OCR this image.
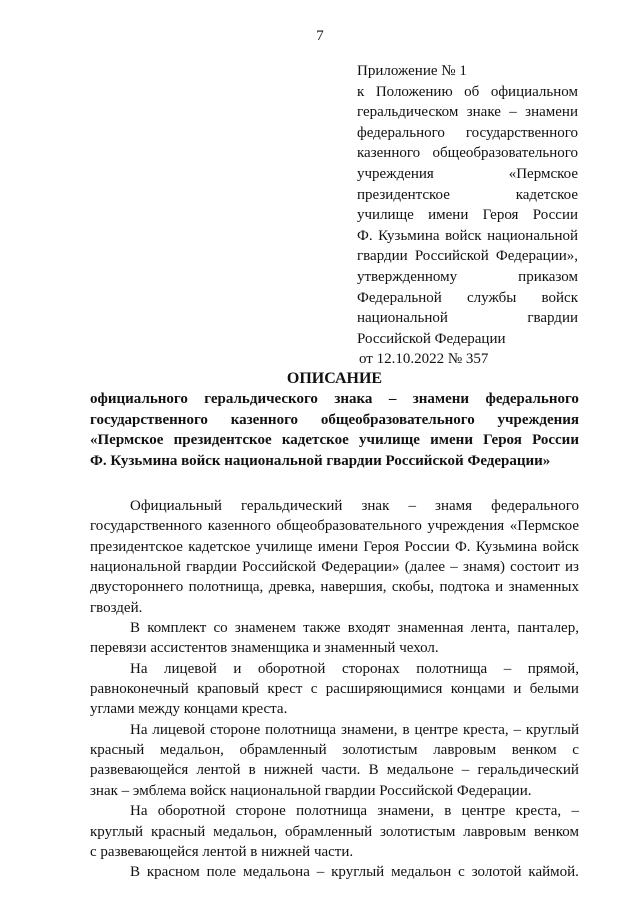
7
Приложение № 1
к Положению об официальном
геральдическом знаке – знамени
федерального государственного
казенного общеобразовательного
учреждения	«Пермское
президентское	кадетское
училище имени Героя России
Ф. Кузьмина войск национальной
гвардии Российской Федерации»,
утвержденному	приказом
Федеральной службы войск
национальной	гвардии
Российской Федерации
от 12.10.2022 № 357
ОПИСАНИЕ
официального геральдического знака – знамени федерального
государственного казенного общеобразовательного учреждения
«Пермское президентское кадетское училище имени Героя России
Ф. Кузьмина войск национальной гвардии Российской Федерации»
Официальный геральдический знак – знамя федерального
государственного казенного общеобразовательного учреждения «Пермское
президентское кадетское училище имени Героя России Ф. Кузьмина войск
национальной гвардии Российской Федерации» (далее – знамя) состоит из
двустороннего полотнища, древка, навершия, скобы, подтока и знаменных
гвоздей.
В комплект со знаменем также входят знаменная лента, панталер,
перевязи ассистентов знаменщика и знаменный чехол.
На лицевой и оборотной сторонах полотнища – прямой,
равноконечный краповый крест с расширяющимися концами и белыми
углами между концами креста.
На лицевой стороне полотнища знамени, в центре креста, – круглый
красный медальон, обрамленный золотистым лавровым венком с
развевающейся лентой в нижней части. В медальоне – геральдический
знак – эмблема войск национальной гвардии Российской Федерации.
На оборотной стороне полотнища знамени, в центре креста, –
круглый красный медальон, обрамленный золотистым лавровым венком
с развевающейся лентой в нижней части.
В красном поле медальона – круглый медальон с золотой каймой.
